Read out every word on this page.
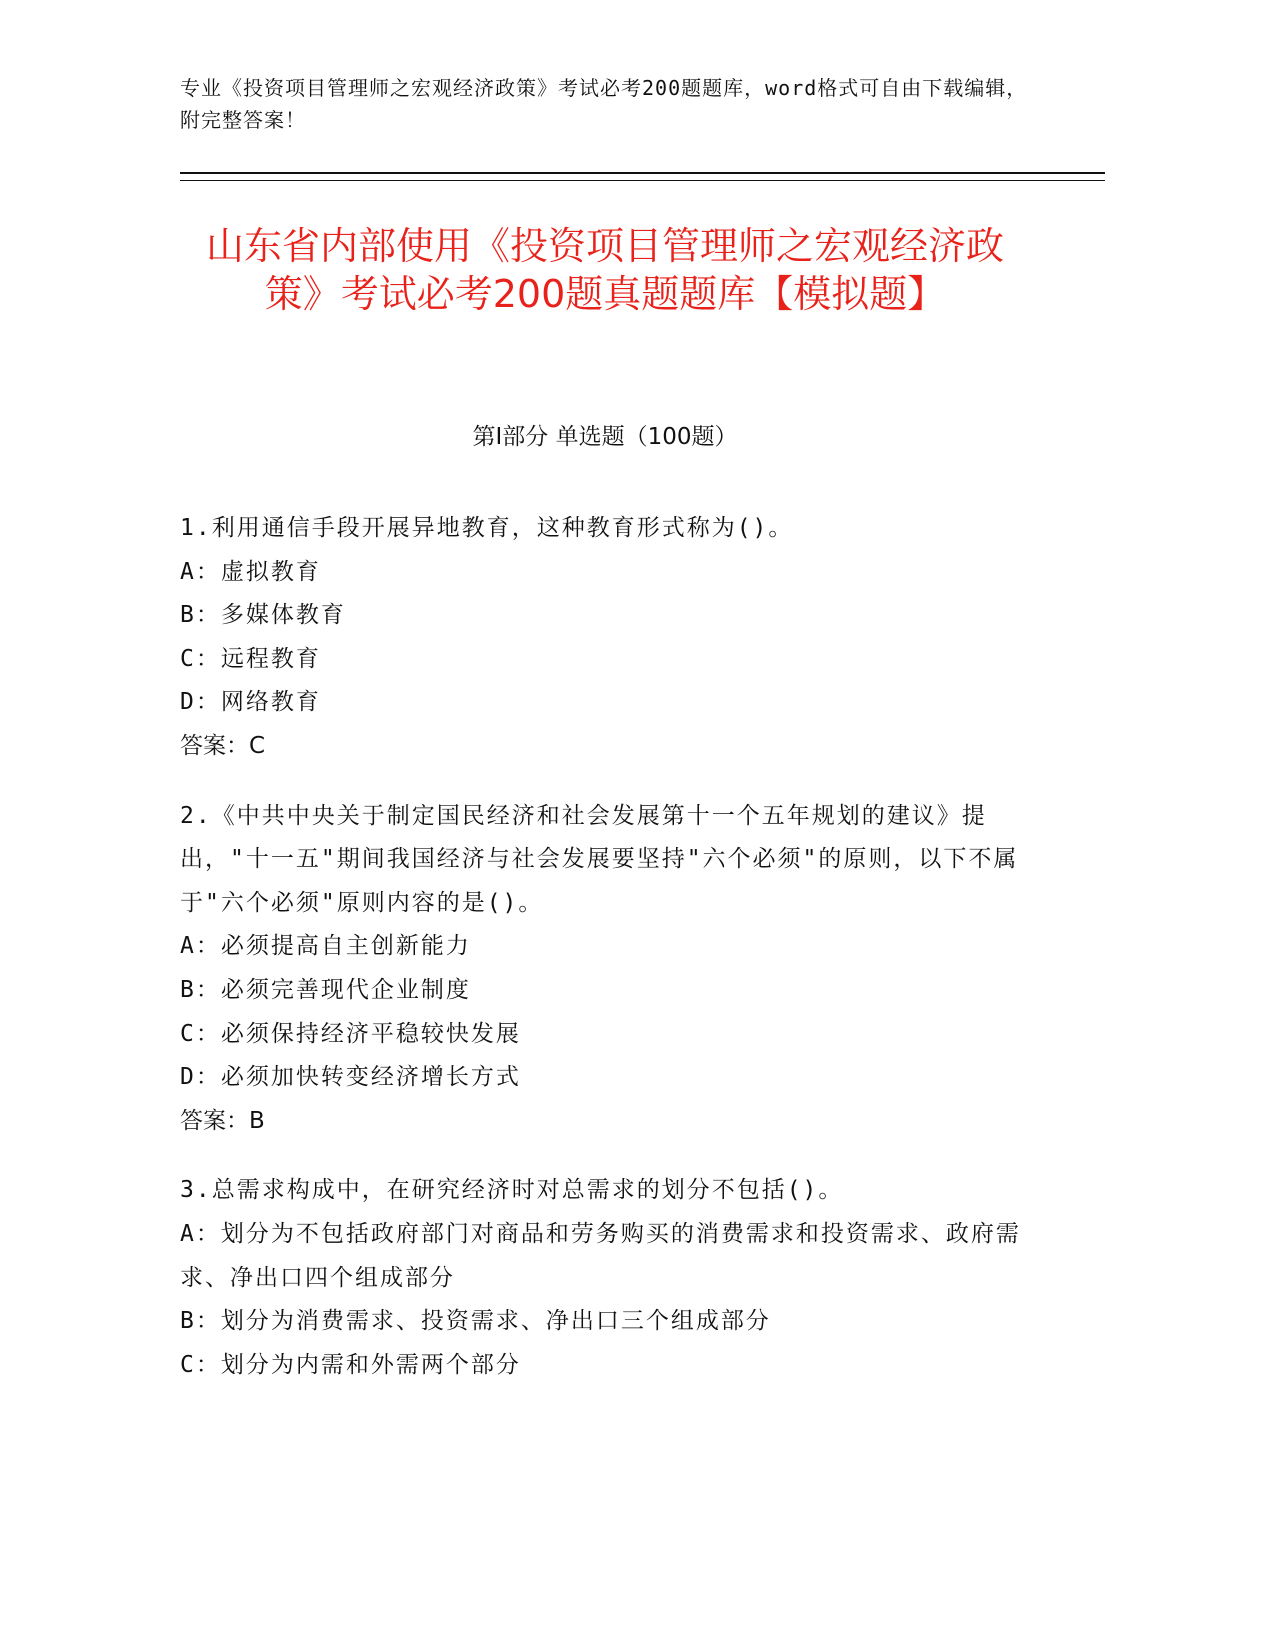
专业《投资项目管理师之宏观经济政策》考试必考200题题库，word格式可自由下载编辑，附完整答案！
山东省内部使用《投资项目管理师之宏观经济政策》考试必考200题真题题库【模拟题】
第Ⅰ部分 单选题（100题）
1.利用通信手段开展异地教育，这种教育形式称为()。
A：虚拟教育
B：多媒体教育
C：远程教育
D：网络教育
答案：C
2.《中共中央关于制定国民经济和社会发展第十一个五年规划的建议》提出，"十一五"期间我国经济与社会发展要坚持"六个必须"的原则，以下不属于"六个必须"原则内容的是()。
A：必须提高自主创新能力
B：必须完善现代企业制度
C：必须保持经济平稳较快发展
D：必须加快转变经济增长方式
答案：B
3.总需求构成中，在研究经济时对总需求的划分不包括()。
A：划分为不包括政府部门对商品和劳务购买的消费需求和投资需求、政府需求、净出口四个组成部分
B：划分为消费需求、投资需求、净出口三个组成部分
C：划分为内需和外需两个部分
